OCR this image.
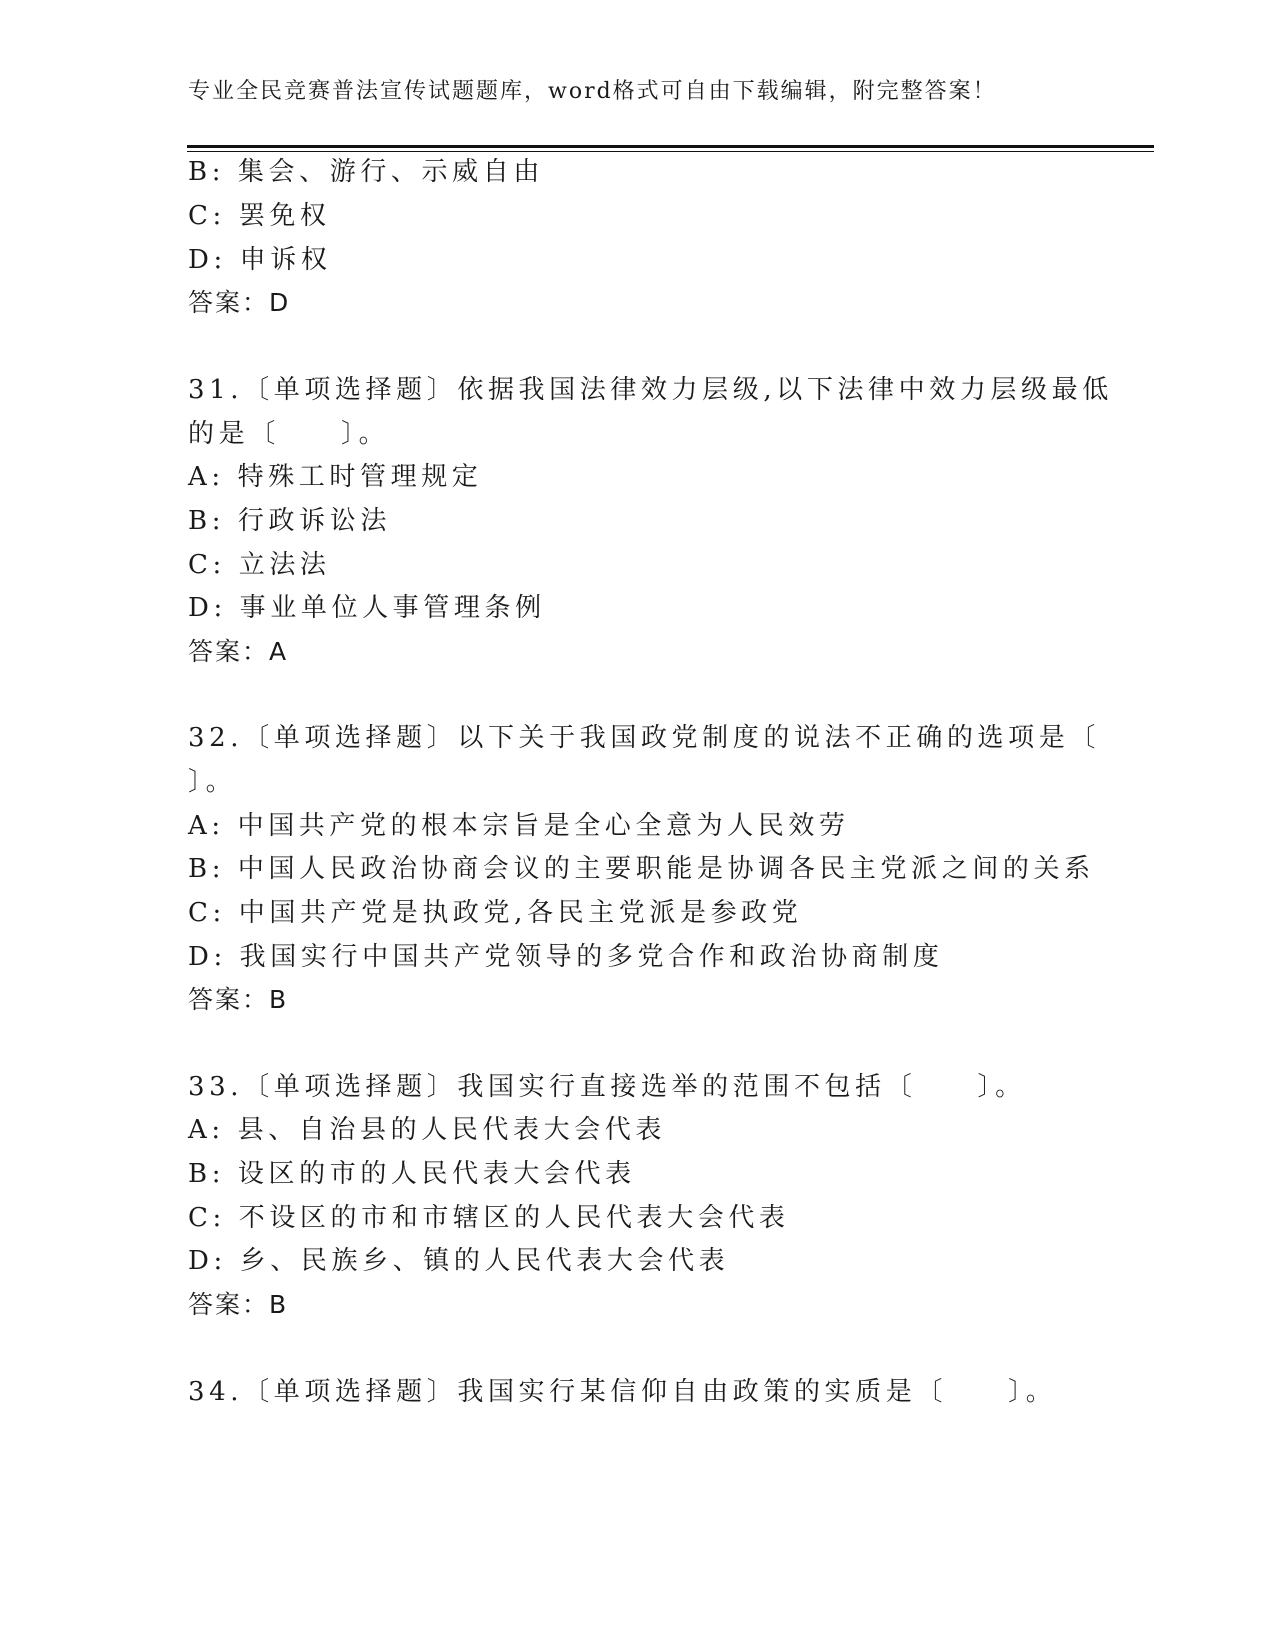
专业全民竞赛普法宣传试题题库，word格式可自由下载编辑，附完整答案！
B: 集会、游行、示威自由
C: 罢免权
D: 申诉权
答案：D
31.〔单项选择题〕依据我国法律效力层级,以下法律中效力层级最低
的是〔　　〕。
A: 特殊工时管理规定
B: 行政诉讼法
C: 立法法
D: 事业单位人事管理条例
答案：A
32.〔单项选择题〕以下关于我国政党制度的说法不正确的选项是〔
〕。
A: 中国共产党的根本宗旨是全心全意为人民效劳
B: 中国人民政治协商会议的主要职能是协调各民主党派之间的关系
C: 中国共产党是执政党,各民主党派是参政党
D: 我国实行中国共产党领导的多党合作和政治协商制度
答案：B
33.〔单项选择题〕我国实行直接选举的范围不包括〔　　〕。
A: 县、自治县的人民代表大会代表
B: 设区的市的人民代表大会代表
C: 不设区的市和市辖区的人民代表大会代表
D: 乡、民族乡、镇的人民代表大会代表
答案：B
34.〔单项选择题〕我国实行某信仰自由政策的实质是〔　　〕。
